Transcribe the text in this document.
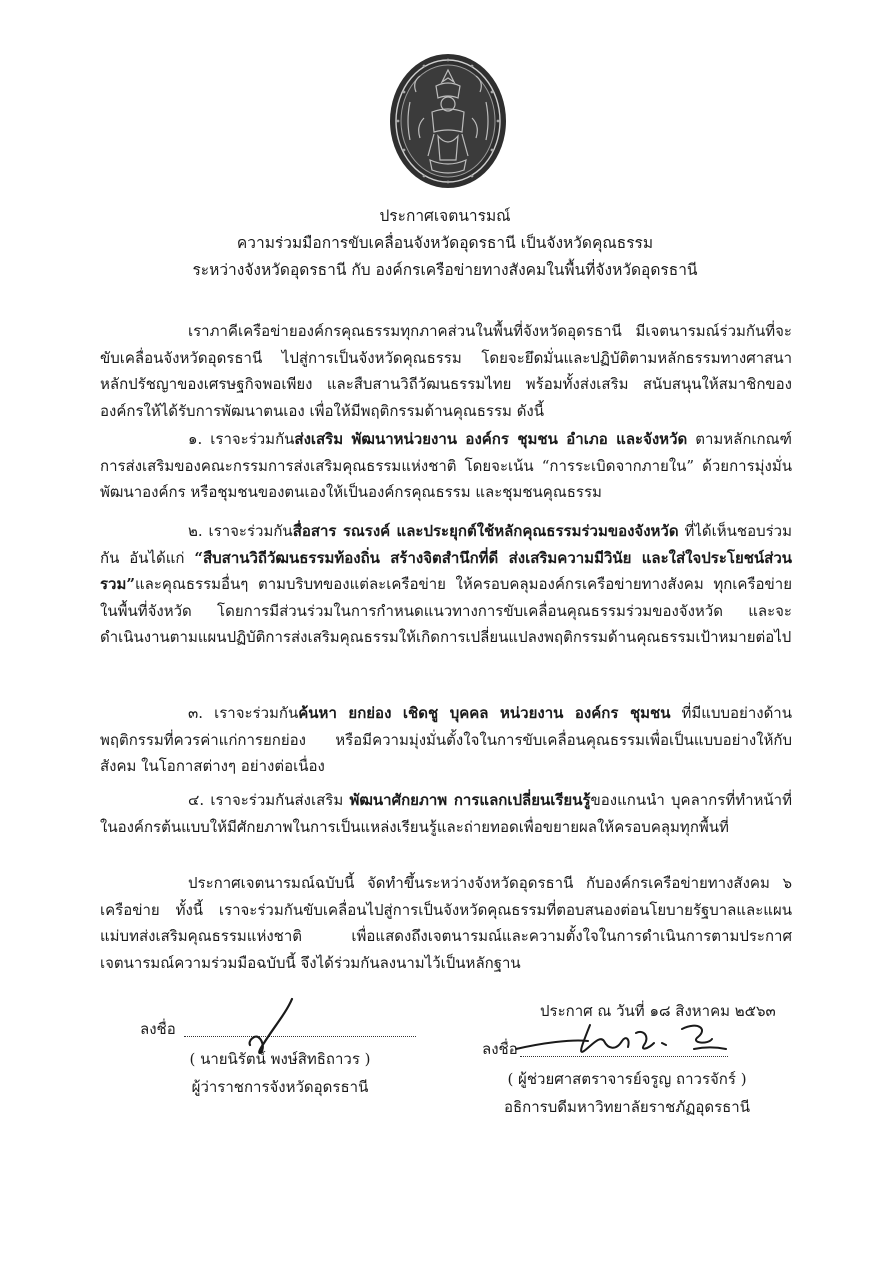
ประกาศเจตนารมณ์
ความร่วมมือการขับเคลื่อนจังหวัดอุดรธานี เป็นจังหวัดคุณธรรม
ระหว่างจังหวัดอุดรธานี กับ องค์กรเครือข่ายทางสังคมในพื้นที่จังหวัดอุดรธานี
เราภาคีเครือข่ายองค์กรคุณธรรมทุกภาคส่วนในพื้นที่จังหวัดอุดรธานี มีเจตนารมณ์ร่วมกันที่จะขับเคลื่อนจังหวัดอุดรธานี ไปสู่การเป็นจังหวัดคุณธรรม โดยจะยึดมั่นและปฏิบัติตามหลักธรรมทางศาสนา หลักปรัชญาของเศรษฐกิจพอเพียง และสืบสานวิถีวัฒนธรรมไทย พร้อมทั้งส่งเสริม สนับสนุนให้สมาชิกขององค์กรให้ได้รับการพัฒนาตนเอง เพื่อให้มีพฤติกรรมด้านคุณธรรม ดังนี้
๑. เราจะร่วมกันส่งเสริม พัฒนาหน่วยงาน องค์กร ชุมชน อำเภอ และจังหวัด ตามหลักเกณฑ์การส่งเสริมของคณะกรรมการส่งเสริมคุณธรรมแห่งชาติ โดยจะเน้น “การระเบิดจากภายใน” ด้วยการมุ่งมั่นพัฒนาองค์กร หรือชุมชนของตนเองให้เป็นองค์กรคุณธรรม และชุมชนคุณธรรม
๒. เราจะร่วมกันสื่อสาร รณรงค์ และประยุกต์ใช้หลักคุณธรรมร่วมของจังหวัด ที่ได้เห็นชอบร่วมกัน อันได้แก่ “สืบสานวิถีวัฒนธรรมท้องถิ่น สร้างจิตสำนึกที่ดี ส่งเสริมความมีวินัย และใส่ใจประโยชน์ส่วนรวม”และคุณธรรมอื่นๆ ตามบริบทของแต่ละเครือข่าย ให้ครอบคลุมองค์กรเครือข่ายทางสังคม ทุกเครือข่ายในพื้นที่จังหวัด โดยการมีส่วนร่วมในการกำหนดแนวทางการขับเคลื่อนคุณธรรมร่วมของจังหวัด และจะดำเนินงานตามแผนปฏิบัติการส่งเสริมคุณธรรมให้เกิดการเปลี่ยนแปลงพฤติกรรมด้านคุณธรรมเป้าหมายต่อไป
๓. เราจะร่วมกันค้นหา ยกย่อง เชิดชู บุคคล หน่วยงาน องค์กร ชุมชน ที่มีแบบอย่างด้านพฤติกรรมที่ควรค่าแก่การยกย่อง หรือมีความมุ่งมั่นตั้งใจในการขับเคลื่อนคุณธรรมเพื่อเป็นแบบอย่างให้กับสังคม ในโอกาสต่างๆ อย่างต่อเนื่อง
๔. เราจะร่วมกันส่งเสริม พัฒนาศักยภาพ การแลกเปลี่ยนเรียนรู้ของแกนนำ บุคลากรที่ทำหน้าที่ในองค์กรต้นแบบให้มีศักยภาพในการเป็นแหล่งเรียนรู้และถ่ายทอดเพื่อขยายผลให้ครอบคลุมทุกพื้นที่
ประกาศเจตนารมณ์ฉบับนี้ จัดทำขึ้นระหว่างจังหวัดอุดรธานี กับองค์กรเครือข่ายทางสังคม ๖ เครือข่าย ทั้งนี้ เราจะร่วมกันขับเคลื่อนไปสู่การเป็นจังหวัดคุณธรรมที่ตอบสนองต่อนโยบายรัฐบาลและแผนแม่บทส่งเสริมคุณธรรมแห่งชาติ เพื่อแสดงถึงเจตนารมณ์และความตั้งใจในการดำเนินการตามประกาศเจตนารมณ์ความร่วมมือฉบับนี้ จึงได้ร่วมกันลงนามไว้เป็นหลักฐาน
ประกาศ ณ วันที่ ๑๘ สิงหาคม ๒๕๖๓
ลงชื่อ
( นายนิรัตน์ พงษ์สิทธิถาวร )
ผู้ว่าราชการจังหวัดอุดรธานี
ลงชื่อ
( ผู้ช่วยศาสตราจารย์จรูญ ถาวรจักร์ )
อธิการบดีมหาวิทยาลัยราชภัฏอุดรธานี
